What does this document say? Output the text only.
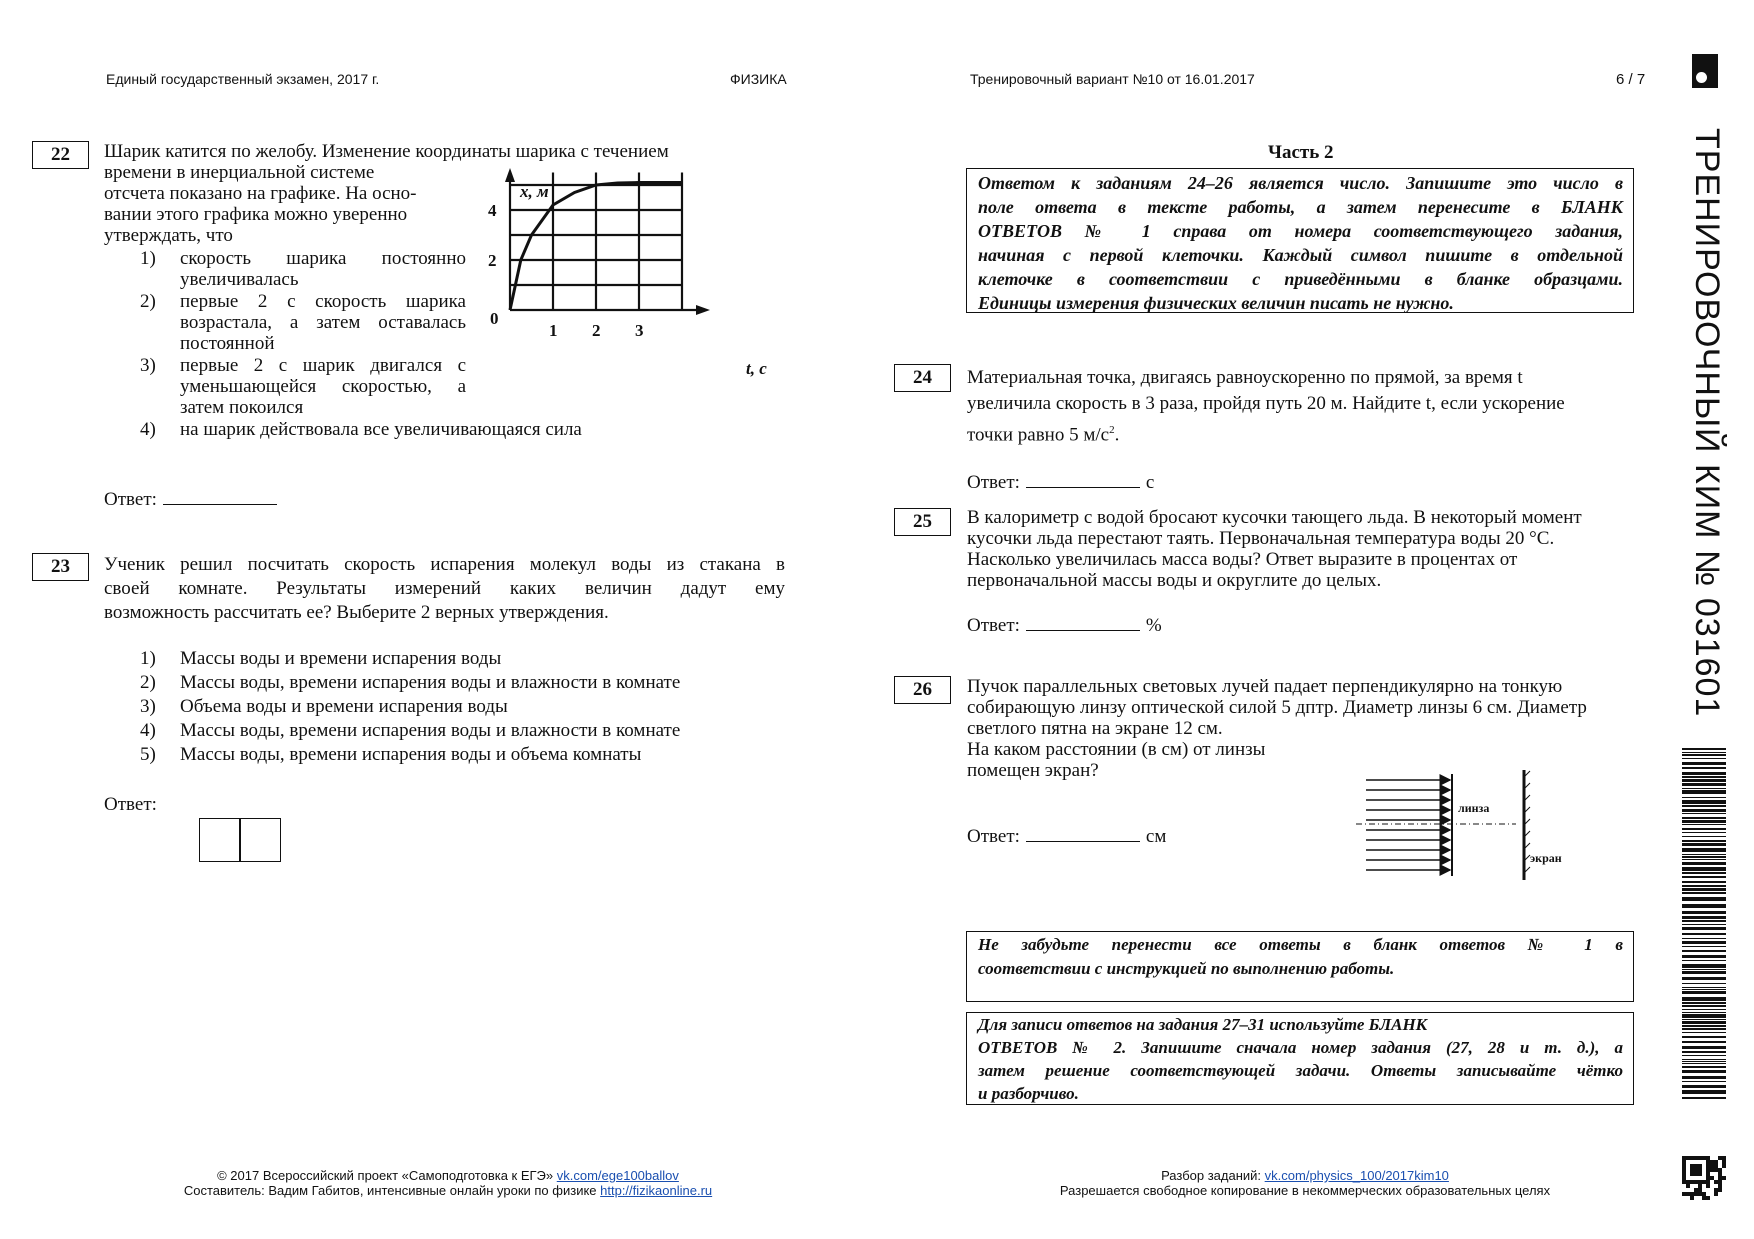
Единый государственный экзамен, 2017 г.	ФИЗИКА	Тренировочный вариант №10 от 16.01.2017	6 / 7
ТРЕНИРОВОЧНЫЙ КИМ № 031601
22	Шарик катится по желобу. Изменение координаты шарика с течением
времени в инерциальной системе
отсчета показано на графике. На осно-
вании этого графика можно уверенно
утверждать, что
1) скорость шарика постоянно
увеличивалась
2) первые 2 с скорость шарика
возрастала, а затем оставалась
постоянной
3) первые 2 с шарик двигался с
уменьшающейся скоростью, а
затем покоился
4) на шарик действовала все увеличивающаяся сила
Ответ:
0
1 2 3
2
4
x, м
t, c
23	Ученик решил посчитать скорость испарения молекул воды из стакана в
своей комнате. Результаты измерений каких величин дадут ему
возможность рассчитать ее? Выберите 2 верных утверждения.
1) Массы воды и времени испарения воды
2) Массы воды, времени испарения воды и влажности в комнате
3) Объема воды и времени испарения воды
4) Массы воды, времени испарения воды и влажности в комнате
5) Массы воды, времени испарения воды и объема комнаты
Ответ:
Часть 2
Ответом к заданиям 24–26 является число. Запишите это число в
поле ответа в тексте работы, а затем перенесите в БЛАНК
ОТВЕТОВ № 1 справа от номера соответствующего задания,
начиная с первой клеточки. Каждый символ пишите в отдельной
клеточке в соответствии с приведёнными в бланке образцами.
Единицы измерения физических величин писать не нужно.
24	Материальная точка, двигаясь равноускоренно по прямой, за время t
увеличила скорость в 3 раза, пройдя путь 20 м. Найдите t, если ускорение
точки равно 5 $м/с^2$.
Ответ:	с
25	В калориметр с водой бросают кусочки тающего льда. В некоторый момент
кусочки льда перестают таять. Первоначальная температура воды 20 °С.
Насколько увеличилась масса воды? Ответ выразите в процентах от
первоначальной массы воды и округлите до целых.
Ответ:	%
26	Пучок параллельных световых лучей падает перпендикулярно на тонкую
собирающую линзу оптической силой 5 дптр. Диаметр линзы 6 см. Диаметр
светлого пятна на экране 12 см.
На каком расстоянии (в см) от линзы
помещен экран?
Ответ:	см
линза
экран
Не забудьте перенести все ответы в бланк ответов № 1 в
соответствии с инструкцией по выполнению работы.
Для записи ответов на задания 27–31 используйте БЛАНК
ОТВЕТОВ № 2. Запишите сначала номер задания (27, 28 и т. д.), а
затем решение соответствующей задачи. Ответы записывайте чётко
и разборчиво.
© 2017 Всероссийский проект «Самоподготовка к ЕГЭ» vk.com/ege100ballov
Составитель: Вадим Габитов, интенсивные онлайн уроки по физике http://fizikaonline.ru
Разбор заданий: vk.com/physics_100/2017kim10
Разрешается свободное копирование в некоммерческих образовательных целях
